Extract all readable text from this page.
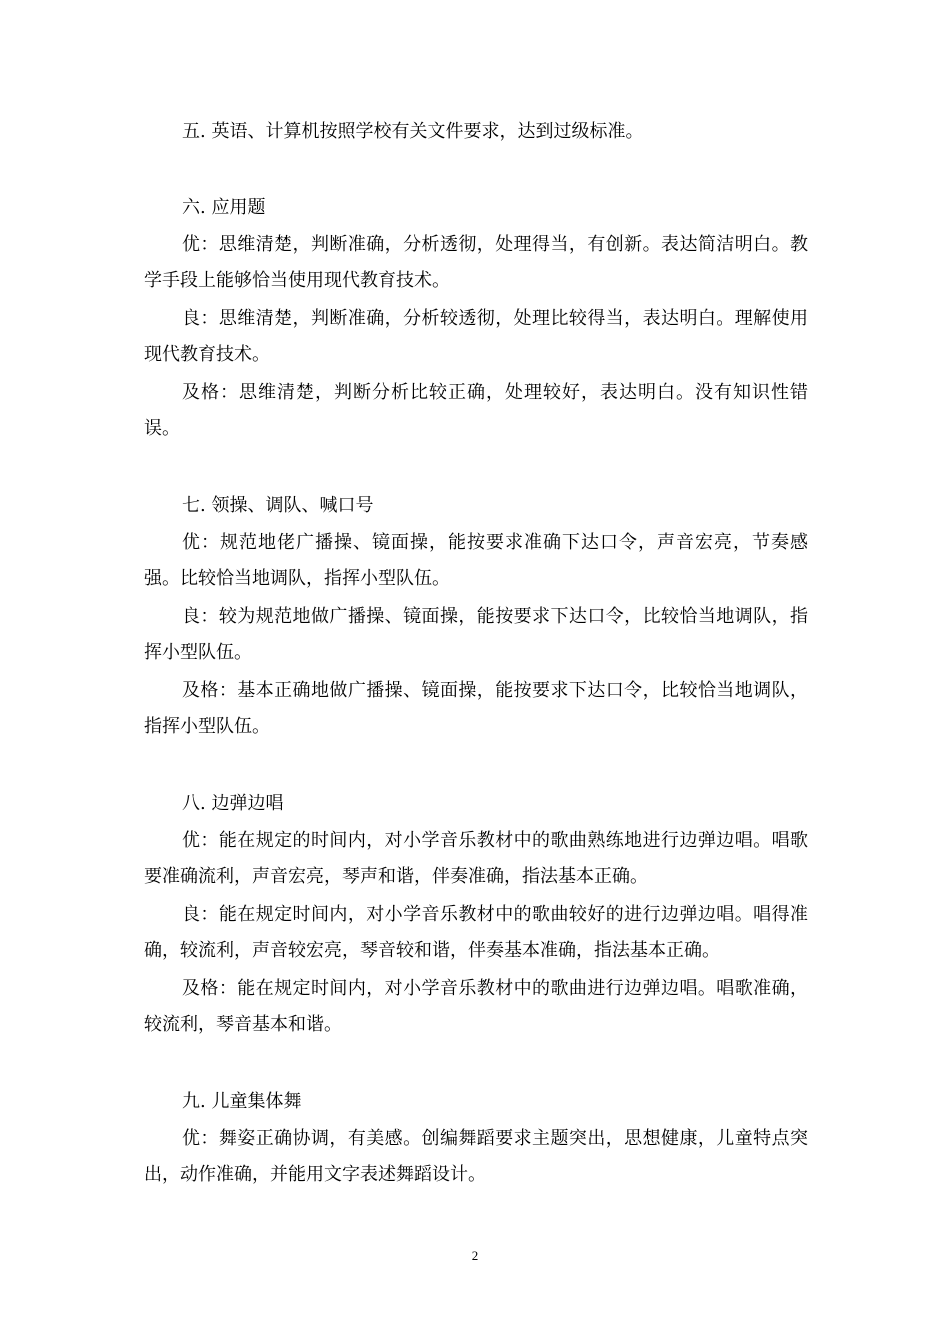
五. 英语、计算机按照学校有关文件要求，达到过级标准。

六. 应用题

优：思维清楚，判断准确，分析透彻，处理得当，有创新。表达简洁明白。教学手段上能够恰当使用现代教育技术。

良：思维清楚，判断准确，分析较透彻，处理比较得当，表达明白。理解使用现代教育技术。

及格：思维清楚，判断分析比较正确，处理较好，表达明白。没有知识性错误。

七. 领操、调队、喊口号

优：规范地佬广播操、镜面操，能按要求准确下达口令，声音宏亮，节奏感强。比较恰当地调队，指挥小型队伍。

良：较为规范地做广播操、镜面操，能按要求下达口令，比较恰当地调队，指挥小型队伍。

及格：基本正确地做广播操、镜面操，能按要求下达口令，比较恰当地调队，指挥小型队伍。

八. 边弹边唱

优：能在规定的时间内，对小学音乐教材中的歌曲熟练地进行边弹边唱。唱歌要准确流利，声音宏亮，琴声和谐，伴奏准确，指法基本正确。

良：能在规定时间内，对小学音乐教材中的歌曲较好的进行边弹边唱。唱得准确，较流利，声音较宏亮，琴音较和谐，伴奏基本准确，指法基本正确。

及格：能在规定时间内，对小学音乐教材中的歌曲进行边弹边唱。唱歌准确，较流利，琴音基本和谐。

九. 儿童集体舞

优：舞姿正确协调，有美感。创编舞蹈要求主题突出，思想健康，儿童特点突出，动作准确，并能用文字表述舞蹈设计。

2
